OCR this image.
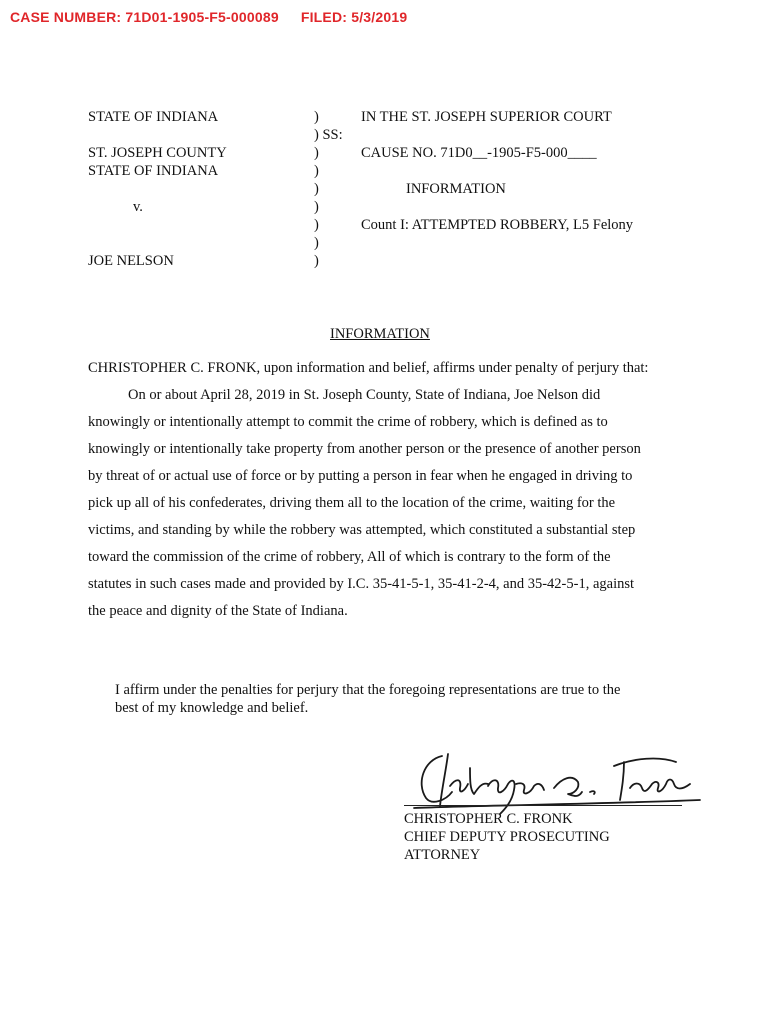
CASE NUMBER: 71D01-1905-F5-000089 FILED: 5/3/2019
STATE OF INDIANA
ST. JOSEPH COUNTY
STATE OF INDIANA
v.
JOE NELSON
)
) SS:
)
)
)
)
)
)
)
IN THE ST. JOSEPH SUPERIOR COURT
CAUSE NO. 71D0__-1905-F5-000____
INFORMATION
Count I: ATTEMPTED ROBBERY, L5 Felony
INFORMATION
CHRISTOPHER C. FRONK, upon information and belief, affirms under penalty of perjury that:
On or about April 28, 2019 in St. Joseph County, State of Indiana, Joe Nelson did
knowingly or intentionally attempt to commit the crime of robbery, which is defined as to
knowingly or intentionally take property from another person or the presence of another person
by threat of or actual use of force or by putting a person in fear when he engaged in driving to
pick up all of his confederates, driving them all to the location of the crime, waiting for the
victims, and standing by while the robbery was attempted, which constituted a substantial step
toward the commission of the crime of robbery, All of which is contrary to the form of the
statutes in such cases made and provided by I.C. 35-41-5-1, 35-41-2-4, and 35-42-5-1, against
the peace and dignity of the State of Indiana.
I affirm under the penalties for perjury that the foregoing representations are true to the
best of my knowledge and belief.
CHRISTOPHER C. FRONK
CHIEF DEPUTY PROSECUTING
ATTORNEY
